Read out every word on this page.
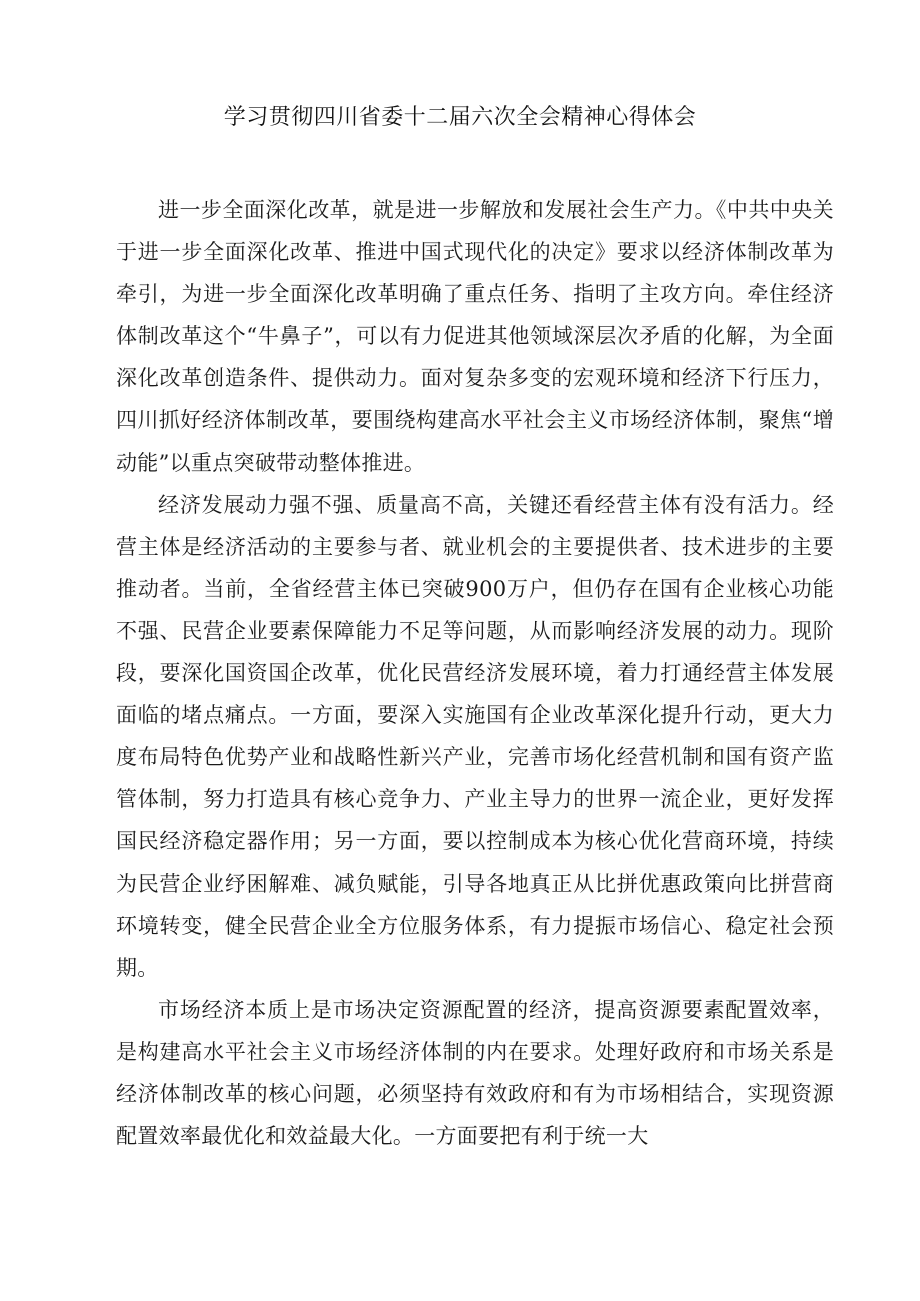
学习贯彻四川省委十二届六次全会精神心得体会

进一步全面深化改革，就是进一步解放和发展社会生产力。《中共中央关于进一步全面深化改革、推进中国式现代化的决定》要求以经济体制改革为牵引，为进一步全面深化改革明确了重点任务、指明了主攻方向。牵住经济体制改革这个“牛鼻子”，可以有力促进其他领域深层次矛盾的化解，为全面深化改革创造条件、提供动力。面对复杂多变的宏观环境和经济下行压力，四川抓好经济体制改革，要围绕构建高水平社会主义市场经济体制，聚焦“增动能”以重点突破带动整体推进。

经济发展动力强不强、质量高不高，关键还看经营主体有没有活力。经营主体是经济活动的主要参与者、就业机会的主要提供者、技术进步的主要推动者。当前，全省经营主体已突破900万户，但仍存在国有企业核心功能不强、民营企业要素保障能力不足等问题，从而影响经济发展的动力。现阶段，要深化国资国企改革，优化民营经济发展环境，着力打通经营主体发展面临的堵点痛点。一方面，要深入实施国有企业改革深化提升行动，更大力度布局特色优势产业和战略性新兴产业，完善市场化经营机制和国有资产监管体制，努力打造具有核心竞争力、产业主导力的世界一流企业，更好发挥国民经济稳定器作用；另一方面，要以控制成本为核心优化营商环境，持续为民营企业纾困解难、减负赋能，引导各地真正从比拼优惠政策向比拼营商环境转变，健全民营企业全方位服务体系，有力提振市场信心、稳定社会预期。

市场经济本质上是市场决定资源配置的经济，提高资源要素配置效率，是构建高水平社会主义市场经济体制的内在要求。处理好政府和市场关系是经济体制改革的核心问题，必须坚持有效政府和有为市场相结合，实现资源配置效率最优化和效益最大化。一方面要把有利于统一大
